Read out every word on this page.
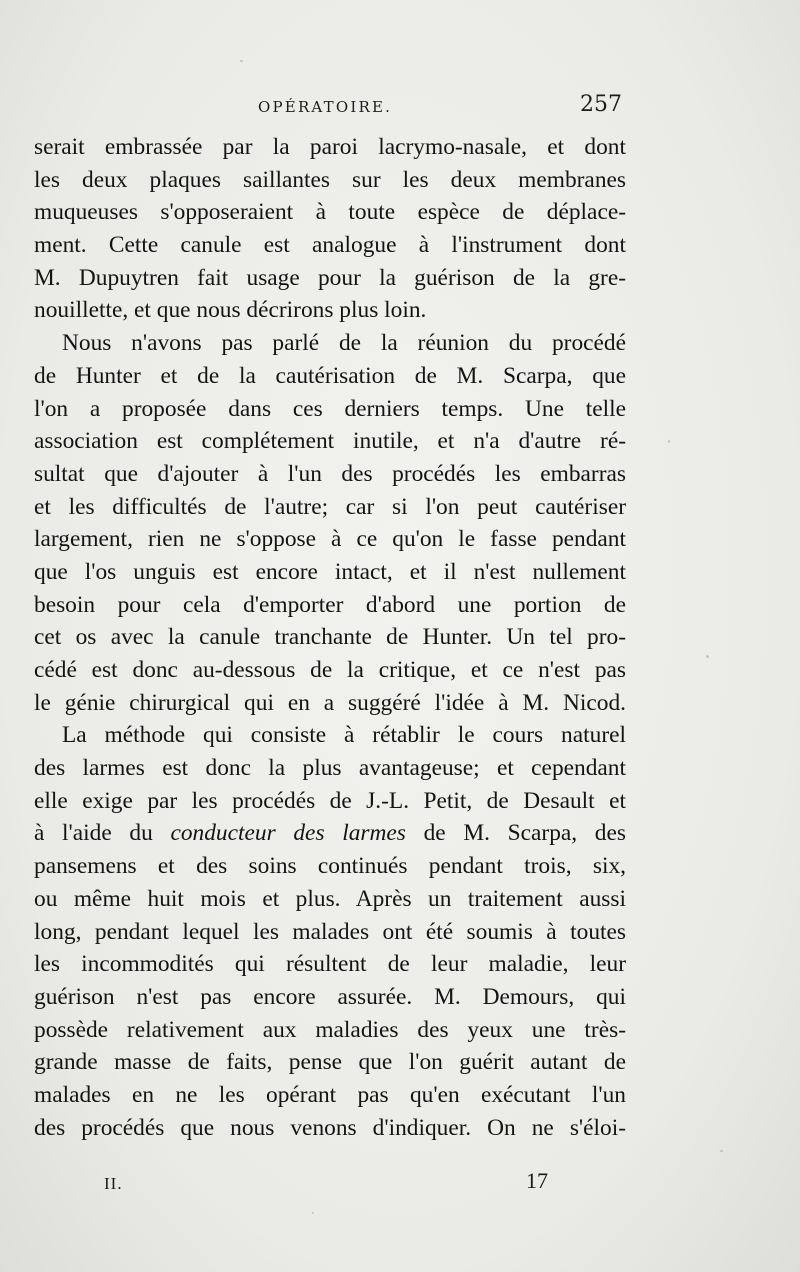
OPÉRATOIRE.	257
serait embrassée par la paroi lacrymo-nasale, et dont
les deux plaques saillantes sur les deux membranes
muqueuses s'opposeraient à toute espèce de déplace-
ment. Cette canule est analogue à l'instrument dont
M. Dupuytren fait usage pour la guérison de la gre-
nouillette, et que nous décrirons plus loin.
Nous n'avons pas parlé de la réunion du procédé
de Hunter et de la cautérisation de M. Scarpa, que
l'on a proposée dans ces derniers temps. Une telle
association est complétement inutile, et n'a d'autre ré-
sultat que d'ajouter à l'un des procédés les embarras
et les difficultés de l'autre; car si l'on peut cautériser
largement, rien ne s'oppose à ce qu'on le fasse pendant
que l'os unguis est encore intact, et il n'est nullement
besoin pour cela d'emporter d'abord une portion de
cet os avec la canule tranchante de Hunter. Un tel pro-
cédé est donc au-dessous de la critique, et ce n'est pas
le génie chirurgical qui en a suggéré l'idée à M. Nicod.
La méthode qui consiste à rétablir le cours naturel
des larmes est donc la plus avantageuse; et cependant
elle exige par les procédés de J.-L. Petit, de Desault et
à l'aide du conducteur des larmes de M. Scarpa, des
pansemens et des soins continués pendant trois, six,
ou même huit mois et plus. Après un traitement aussi
long, pendant lequel les malades ont été soumis à toutes
les incommodités qui résultent de leur maladie, leur
guérison n'est pas encore assurée. M. Demours, qui
possède relativement aux maladies des yeux une très-
grande masse de faits, pense que l'on guérit autant de
malades en ne les opérant pas qu'en exécutant l'un
des procédés que nous venons d'indiquer. On ne s'éloi-
II.	17
